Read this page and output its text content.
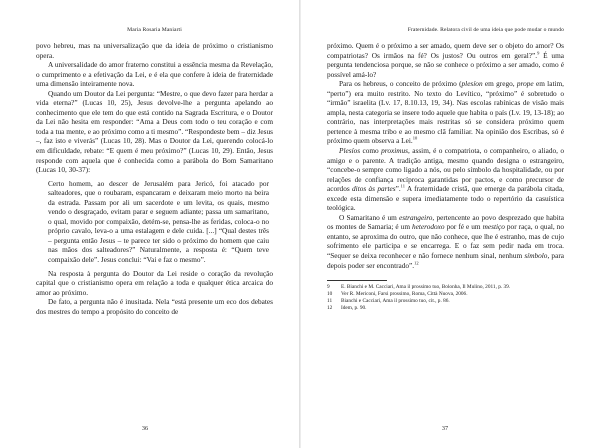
Maria Rosaria Maniarti

povo hebreu, mas na universalização que da ideia de próximo o cristianismo opera.

A universalidade do amor fraterno constitui a essência mesma da Revelação, o cumprimento e a efetivação da Lei, e é ela que confere à ideia de fraternidade uma dimensão inteiramente nova.

Quando um Doutor da Lei pergunta: “Mestre, o que devo fazer para herdar a vida eterna?” (Lucas 10, 25), Jesus devolve-lhe a pergunta apelando ao conhecimento que ele tem do que está contido na Sagrada Escritura, e o Doutor da Lei não hesita em responder: “Ama a Deus com todo o teu coração e com toda a tua mente, e ao próximo como a ti mesmo”. “Respondeste bem – diz Jesus –, faz isto e viverás” (Lucas 10, 28). Mas o Doutor da Lei, querendo colocá-lo em dificuldade, rebate: “E quem é meu próximo?” (Lucas 10, 29). Então, Jesus responde com aquela que é conhecida como a parábola do Bom Samaritano (Lucas 10, 30-37):

Certo homem, ao descer de Jerusalém para Jericó, foi atacado por salteadores, que o roubaram, espancaram e deixaram meio morto na beira da estrada. Passam por ali um sacerdote e um levita, os quais, mesmo vendo o desgraçado, evitam parar e seguem adiante; passa um samaritano, o qual, movido por compaixão, detém-se, pensa-lhe as feridas, coloca-o no próprio cavalo, leva-o a uma estalagem e dele cuida. [...] “Qual destes três – pergunta então Jesus – te parece ter sido o próximo do homem que caiu nas mãos dos salteadores?” Naturalmente, a resposta é: “Quem teve compaixão dele”. Jesus conclui: “Vai e faz o mesmo”.

Na resposta à pergunta do Doutor da Lei reside o coração da revolução capital que o cristianismo opera em relação a toda e qualquer ética arcaica do amor ao próximo.

De fato, a pergunta não é inusitada. Nela “está presente um eco dos debates dos mestres do tempo a propósito do conceito de

36
Fraternidade. Relatora civil de uma ideia que pode mudar o mundo

próximo. Quem é o próximo a ser amado, quem deve ser o objeto do amor? Os compatriotas? Os irmãos na fé? Os justos? Ou outros em geral?”.$^9$ É uma pergunta tendenciosa porque, se não se conhece o próximo a ser amado, como é possível amá-lo?

Para os hebreus, o conceito de próximo (plesíon em grego, prope em latim, “perto”) era muito restrito. No texto do Levítico, “próximo” é sobretudo o “irmão” israelita (Lv. 17, 8.10.13, 19, 34). Nas escolas rabínicas de visão mais ampla, nesta categoria se insere todo aquele que habita o país (Lv. 19, 13-18); ao contrário, nas interpretações mais restritas só se considera próximo quem pertence à mesma tribo e ao mesmo clã familiar. Na opinião dos Escribas, só é próximo quem observa a Lei.$^{10}$

Plesíos como proximus, assim, é o compatriota, o companheiro, o aliado, o amigo e o parente. A tradição antiga, mesmo quando designa o estrangeiro, “concebe-o sempre como ligado a nós, ou pelo símbolo da hospitalidade, ou por relações de confiança recíproca garantidas por pactos, e como precursor de acordos ditos às partes”.$^{11}$ A fraternidade cristã, que emerge da parábola citada, excede esta dimensão e supera imediatamente todo o repertório da casuística teológica.

O Samaritano é um estrangeiro, pertencente ao povo desprezado que habita os montes de Samaria; é um heterodoxo por fé e um mestiço por raça, o qual, no entanto, se aproxima do outro, que não conhece, que lhe é estranho, mas de cujo sofrimento ele participa e se encarrega. E o faz sem pedir nada em troca. “Sequer se deixa reconhecer e não fornece nenhum sinal, nenhum símbolo, para depois poder ser encontrado”.$^{12}$

9	E. Bianchi e M. Cacciari, Ama il prossimo tuo, Bolonha, Il Mulino, 2011, p. 39.
10	Ver R. Mericoni, Farsi prossimo, Roma, Città Nuova, 2006.
11	Bianchi e Cacciari, Ama il prossimo tuo, cit., p. 86.
12	Idem, p. 90.
37
